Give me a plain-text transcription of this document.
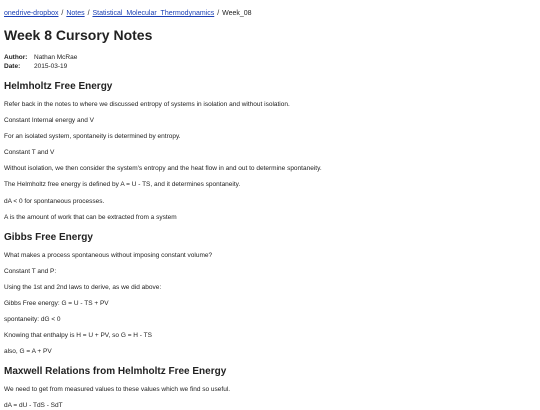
onedrive-dropbox / Notes / Statistical_Molecular_Thermodynamics / Week_08
Week 8 Cursory Notes
Author:	Nathan McRae
Date:	2015-03-19
Helmholtz Free Energy

Refer back in the notes to where we discussed entropy of systems in isolation and without isolation.

Constant Internal energy and V

For an isolated system, spontaneity is determined by entropy.

Constant T and V

Without isolation, we then consider the system's entropy and the heat flow in and out to determine spontaneity.

The Helmholtz free energy is defined by A = U - TS, and it determines spontaneity.

dA < 0 for spontaneous processes.

A is the amount of work that can be extracted from a system

Gibbs Free Energy

What makes a process spontaneous without imposing constant volume?

Constant T and P:

Using the 1st and 2nd laws to derive, as we did above:

Gibbs Free energy: G = U - TS + PV

spontaneity: dG < 0

Knowing that enthalpy is H = U + PV, so G = H - TS

also, G = A + PV

Maxwell Relations from Helmholtz Free Energy

We need to get from measured values to these values which we find so useful.

dA = dU - TdS - SdT
